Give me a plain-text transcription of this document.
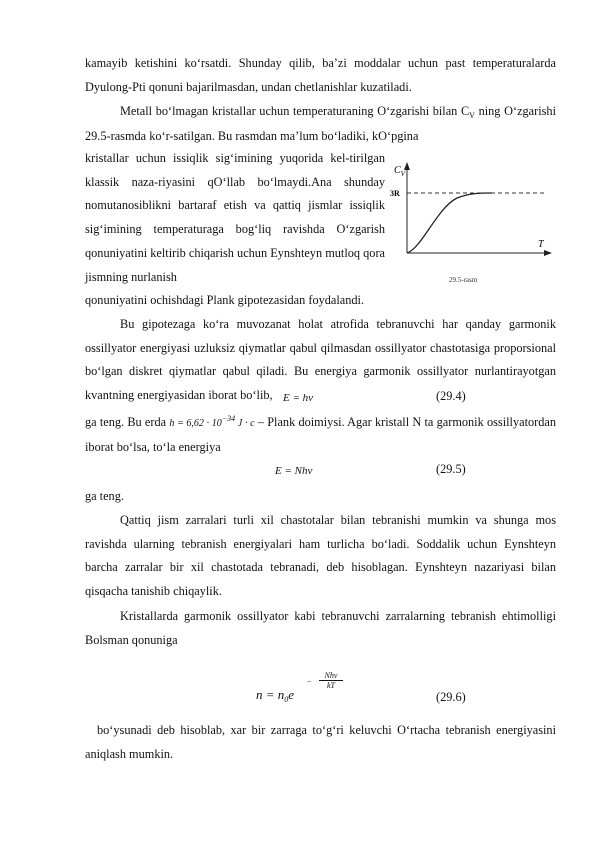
kamayib ketishini ko‘rsatdi. Shunday qilib, ba’zi moddalar uchun past temperaturalarda Dyulong-Pti qonuni bajarilmasdan, undan chetlanishlar kuzatiladi.

Metall bo‘lmagan kristallar uchun temperaturaning O‘zgarishi bilan $C_V$ ning O‘zgarishi 29.5-rasmda ko‘r-satilgan. Bu rasmdan ma’lum bo‘ladiki, kO‘pgina

kristallar uchun issiqlik sig‘imining yuqorida kel-tirilgan klassik naza-riyasini qO‘llab bo‘lmaydi.Ana shunday nomutanosiblikni bartaraf etish va qattiq jismlar issiqlik sig‘imining temperaturaga bog‘liq ravishda O‘zgarish qonuniyatini keltirib chiqarish uchun Eynshteyn mutloq qora jismning nurlanish

qonuniyatini ochishdagi Plank gipotezasidan foydalandi.

$C_V$
3R
T
29.5-rasm

Bu gipotezaga ko‘ra muvozanat holat atrofida tebranuvchi har qanday garmonik ossillyator energiyasi uzluksiz qiymatlar qabul qilmasdan ossillyator chastotasiga proporsional bo‘lgan diskret qiymatlar qabul qiladi. Bu energiya garmonik ossillyator nurlantirayotgan kvantning energiyasidan iborat bo‘lib, E = hν	(29.4)

ga teng. Bu erda $h = 6,62 \cdot 10^{-34}$ J · c – Plank doimiysi. Agar kristall N ta garmonik ossillyatordan iborat bo‘lsa, to‘la energiya

E = Nhν	(29.5)

ga teng.

Qattiq jism zarralari turli xil chastotalar bilan tebranishi mumkin va shunga mos ravishda ularning tebranish energiyalari ham turlicha bo‘ladi. Soddalik uchun Eynshteyn barcha zarralar bir xil chastotada tebranadi, deb hisoblagan. Eynshteyn nazariyasi bilan qisqacha tanishib chiqaylik.

Kristallarda garmonik ossillyator kabi tebranuvchi zarralarning tebranish ehtimolligi Bolsman qonuniga

$n = n_0e$
−
Nhν
kT
(29.6)

bo‘ysunadi deb hisoblab, xar bir zarraga to‘g‘ri keluvchi O‘rtacha tebranish energiyasini aniqlash mumkin.
